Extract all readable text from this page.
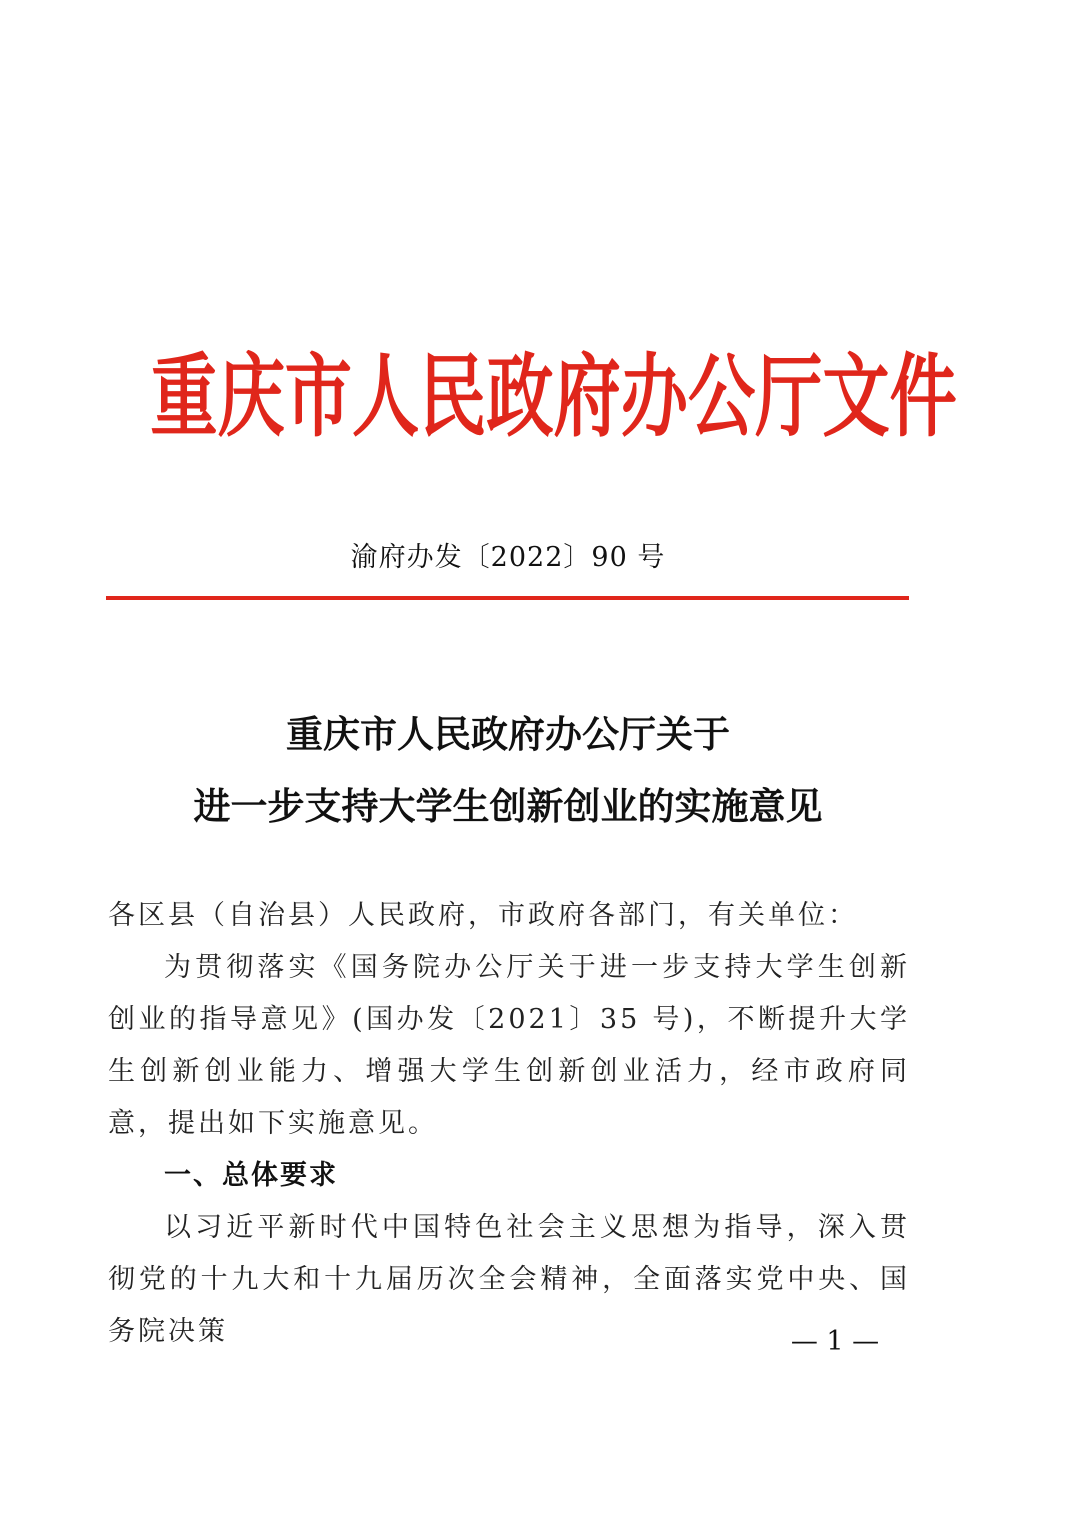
重庆市人民政府办公厅文件
渝府办发〔2022〕90 号
重庆市人民政府办公厅关于
进一步支持大学生创新创业的实施意见

各区县（自治县）人民政府，市政府各部门，有关单位：

为贯彻落实《国务院办公厅关于进一步支持大学生创新创业的指导意见》(国办发〔2021〕35 号)，不断提升大学生创新创业能力、增强大学生创新创业活力，经市政府同意，提出如下实施意见。

一、总体要求

以习近平新时代中国特色社会主义思想为指导，深入贯彻党的十九大和十九届历次全会精神，全面落实党中央、国务院决策	— 1 —
